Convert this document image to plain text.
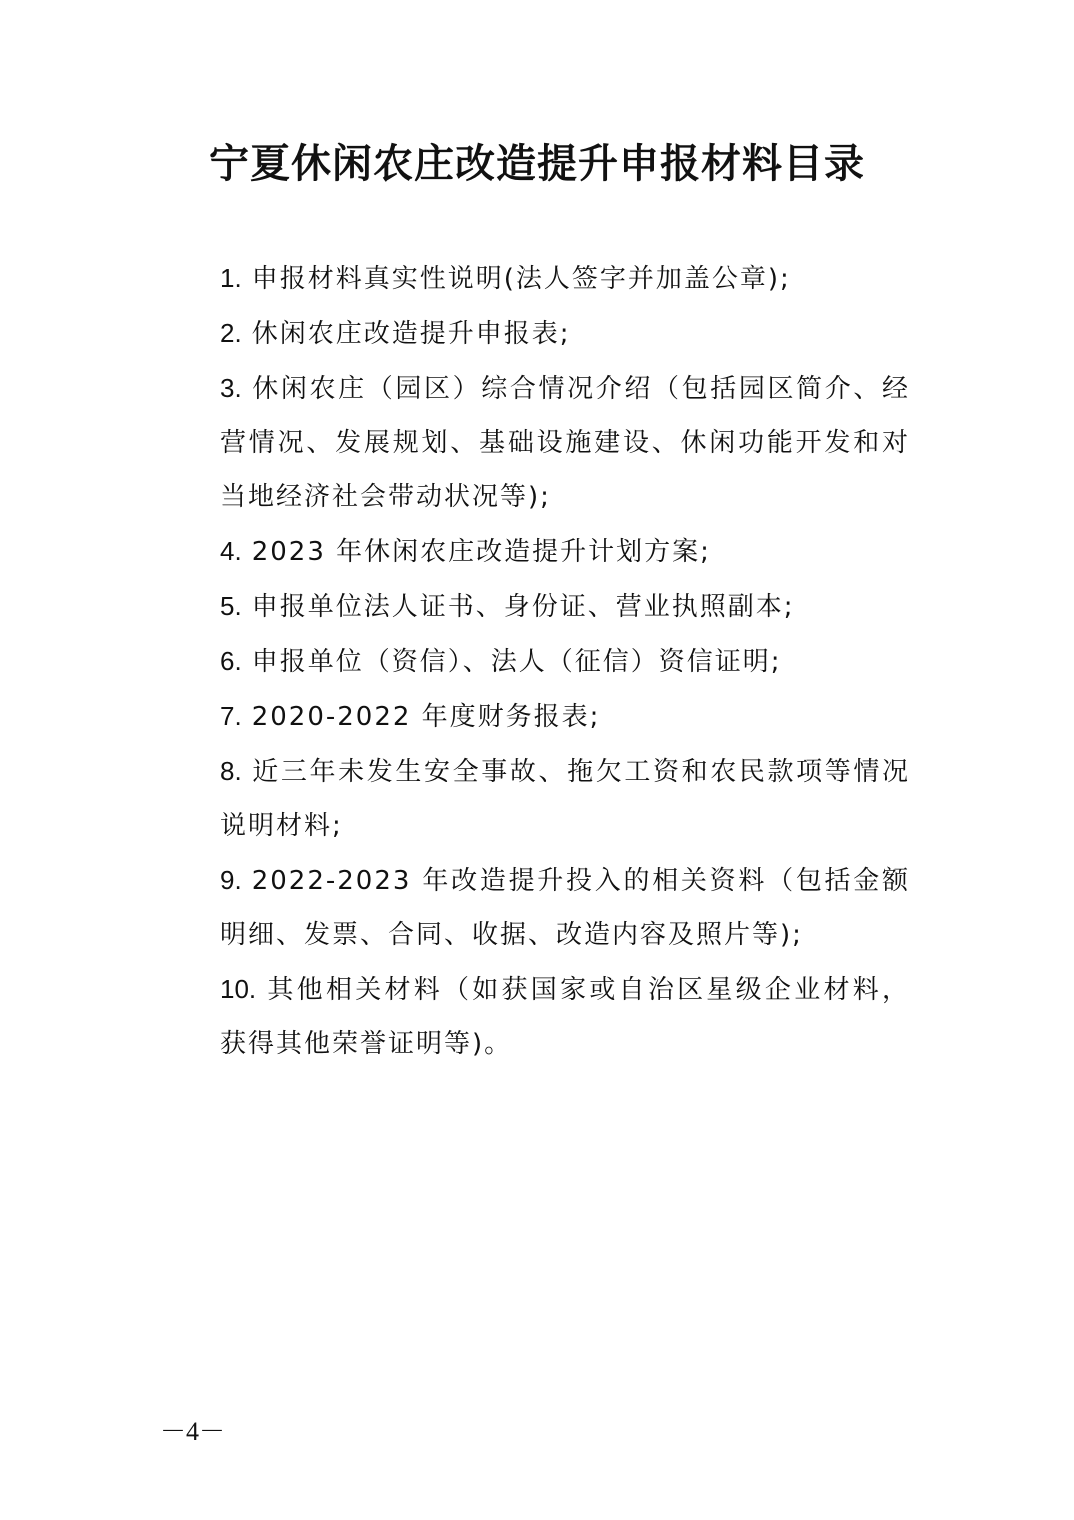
宁夏休闲农庄改造提升申报材料目录
1. 申报材料真实性说明(法人签字并加盖公章);
2. 休闲农庄改造提升申报表;
3. 休闲农庄（园区）综合情况介绍（包括园区简介、经营情况、发展规划、基础设施建设、休闲功能开发和对当地经济社会带动状况等);
4. 2023 年休闲农庄改造提升计划方案;
5. 申报单位法人证书、身份证、营业执照副本;
6. 申报单位（资信）、法人（征信）资信证明;
7. 2020-2022 年度财务报表;
8. 近三年未发生安全事故、拖欠工资和农民款项等情况说明材料;
9. 2022-2023 年改造提升投入的相关资料（包括金额明细、发票、合同、收据、改造内容及照片等);
10. 其他相关材料（如获国家或自治区星级企业材料，获得其他荣誉证明等)。
－4－
